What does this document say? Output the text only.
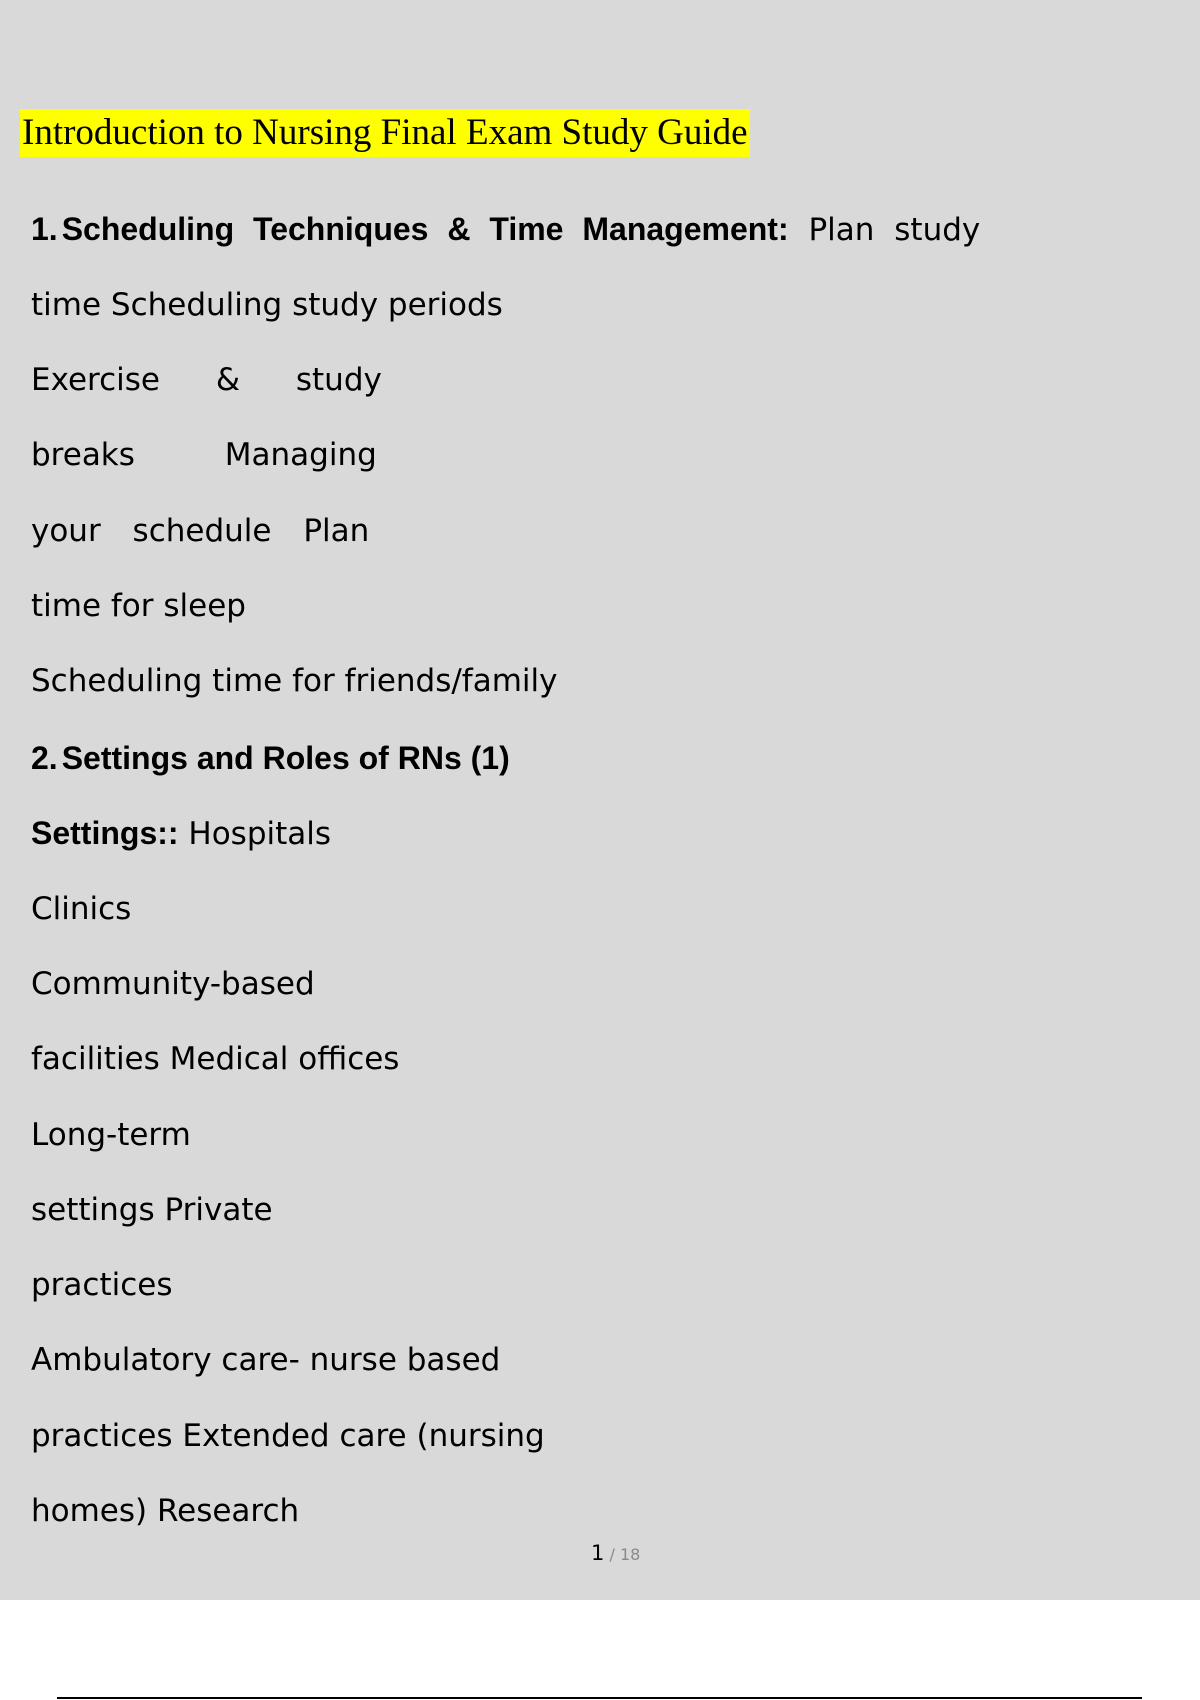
Introduction to Nursing Final Exam Study Guide
1. Scheduling Techniques & Time Management: Plan study
time Scheduling study periods
Exercise & study
breaks Managing
your schedule Plan
time for sleep
Scheduling time for friends/family
2. Settings and Roles of RNs (1)
Settings:: Hospitals
Clinics
Community-based
facilities Medical offices
Long-term
settings Private
practices
Ambulatory care- nurse based
practices Extended care (nursing
homes) Research
1 / 18
